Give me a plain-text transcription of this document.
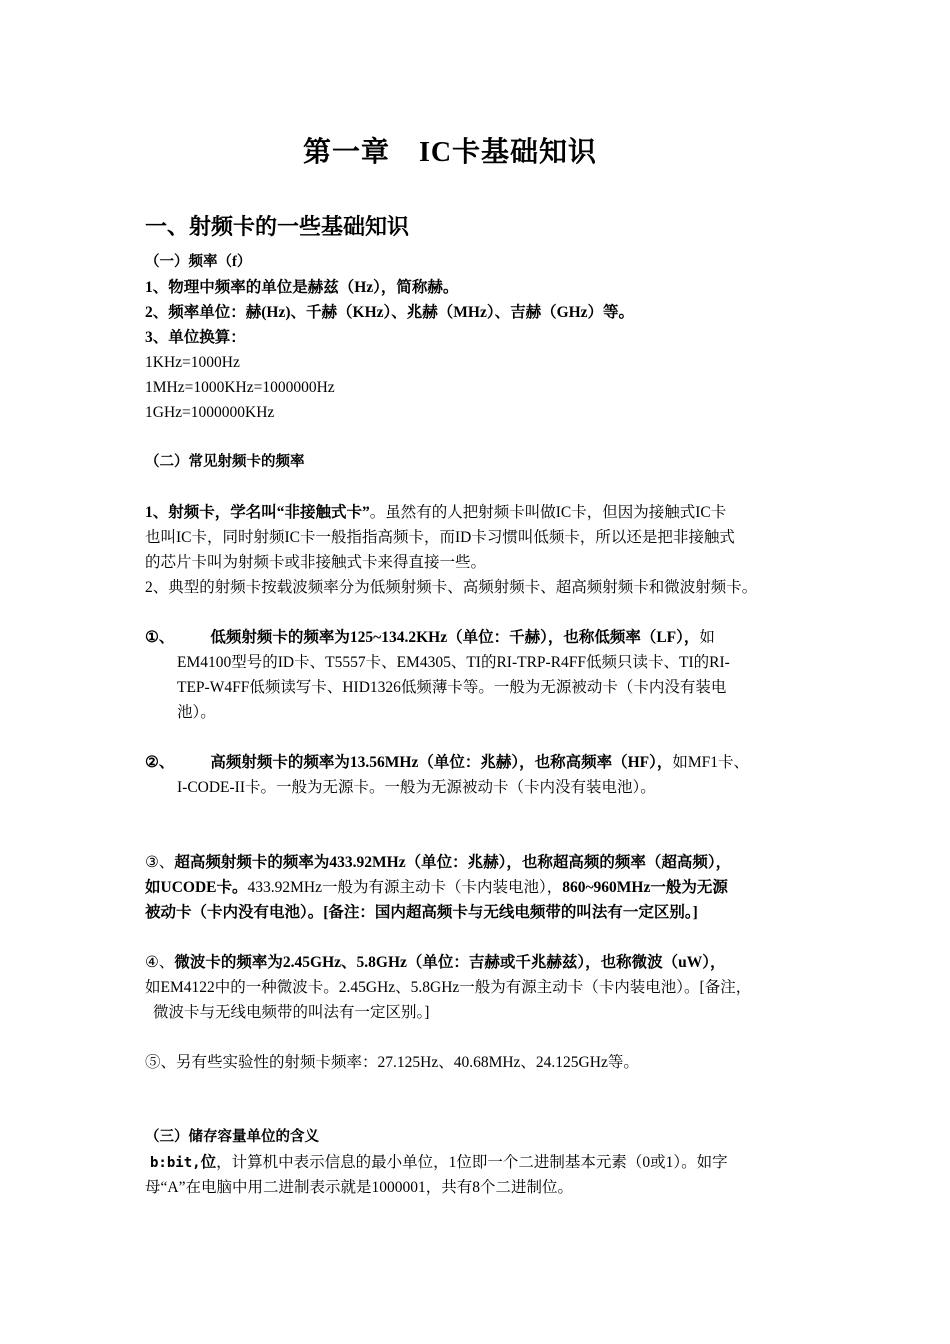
第一章　IC卡基础知识
一、射频卡的一些基础知识
（一）频率（f）
1、物理中频率的单位是赫兹（Hz），简称赫。
2、频率单位：赫(Hz)、千赫（KHz）、兆赫（MHz）、吉赫（GHz）等。
3、单位换算：
1KHz=1000Hz
1MHz=1000KHz=1000000Hz
1GHz=1000000KHz
（二）常见射频卡的频率
1、射频卡，学名叫“非接触式卡”。虽然有的人把射频卡叫做IC卡，但因为接触式IC卡
也叫IC卡，同时射频IC卡一般指指高频卡，而ID卡习惯叫低频卡，所以还是把非接触式
的芯片卡叫为射频卡或非接触式卡来得直接一些。
2、典型的射频卡按载波频率分为低频射频卡、高频射频卡、超高频射频卡和微波射频卡。
①、 低频射频卡的频率为125~134.2KHz（单位：千赫），也称低频率（LF），如
EM4100型号的ID卡、T5557卡、EM4305、TI的RI-TRP-R4FF低频只读卡、TI的RI-
TEP-W4FF低频读写卡、HID1326低频薄卡等。一般为无源被动卡（卡内没有装电
池）。
②、 高频射频卡的频率为13.56MHz（单位：兆赫），也称高频率（HF），如MF1卡、
I-CODE-II卡。一般为无源卡。一般为无源被动卡（卡内没有装电池）。
③、超高频射频卡的频率为433.92MHz（单位：兆赫），也称超高频的频率（超高频），
如UCODE卡。433.92MHz一般为有源主动卡（卡内装电池），860~960MHz一般为无源
被动卡（卡内没有电池）。[备注：国内超高频卡与无线电频带的叫法有一定区别。]
④、微波卡的频率为2.45GHz、5.8GHz（单位：吉赫或千兆赫兹），也称微波（uW），
如EM4122中的一种微波卡。2.45GHz、5.8GHz一般为有源主动卡（卡内装电池）。[备注，
微波卡与无线电频带的叫法有一定区别。]
⑤、另有些实验性的射频卡频率：27.125Hz、40.68MHz、24.125GHz等。
（三）储存容量单位的含义
b:bit,位，计算机中表示信息的最小单位，1位即一个二进制基本元素（0或1）。如字
母“A”在电脑中用二进制表示就是1000001，共有8个二进制位。
